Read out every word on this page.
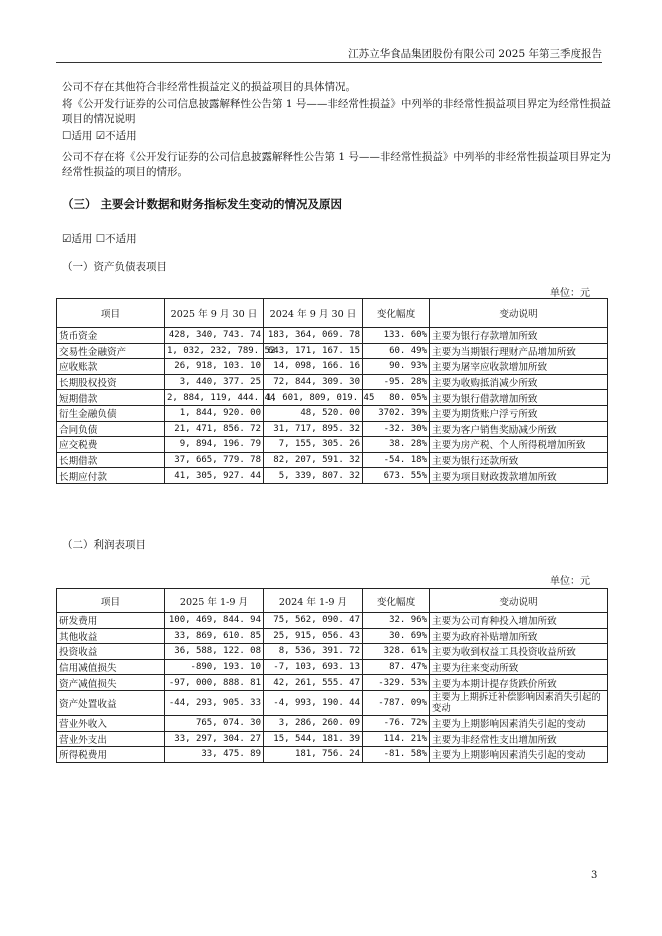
江苏立华食品集团股份有限公司 2025 年第三季度报告
公司不存在其他符合非经常性损益定义的损益项目的具体情况。
将《公开发行证券的公司信息披露解释性公告第 1 号——非经常性损益》中列举的非经常性损益项目界定为经常性损益
项目的情况说明
☐适用 ☑不适用
公司不存在将《公开发行证券的公司信息披露解释性公告第 1 号——非经常性损益》中列举的非经常性损益项目界定为
经常性损益的项目的情形。
（三） 主要会计数据和财务指标发生变动的情况及原因
☑适用 ☐不适用
（一）资产负债表项目
单位：元
项目	2025 年 9 月 30 日	2024 年 9 月 30 日	变化幅度	变动说明
货币资金	428, 340, 743. 74	183, 364, 069. 78	133. 60%	主要为银行存款增加所致
交易性金融资产	1, 032, 232, 789. 52	643, 171, 167. 15	60. 49%	主要为当期银行理财产品增加所致
应收账款	26, 918, 103. 10	14, 098, 166. 16	90. 93%	主要为屠宰应收款增加所致
长期股权投资	3, 440, 377. 25	72, 844, 309. 30	-95. 28%	主要为收购抵消减少所致
短期借款	2, 884, 119, 444. 44	1, 601, 809, 019. 45	80. 05%	主要为银行借款增加所致
衍生金融负债	1, 844, 920. 00	48, 520. 00	3702. 39%	主要为期货账户浮亏所致
合同负债	21, 471, 856. 72	31, 717, 895. 32	-32. 30%	主要为客户销售奖励减少所致
应交税费	9, 894, 196. 79	7, 155, 305. 26	38. 28%	主要为房产税、个人所得税增加所致
长期借款	37, 665, 779. 78	82, 207, 591. 32	-54. 18%	主要为银行还款所致
长期应付款	41, 305, 927. 44	5, 339, 807. 32	673. 55%	主要为项目财政拨款增加所致
（二）利润表项目
单位：元
项目	2025 年 1-9 月	2024 年 1-9 月	变化幅度	变动说明
研发费用	100, 469, 844. 94	75, 562, 090. 47	32. 96%	主要为公司育种投入增加所致
其他收益	33, 869, 610. 85	25, 915, 056. 43	30. 69%	主要为政府补贴增加所致
投资收益	36, 588, 122. 08	8, 536, 391. 72	328. 61%	主要为收到权益工具投资收益所致
信用减值损失	-890, 193. 10	-7, 103, 693. 13	87. 47%	主要为往来变动所致
资产减值损失	-97, 000, 888. 81	42, 261, 555. 47	-329. 53%	主要为本期计提存货跌价所致
资产处置收益	-44, 293, 905. 33	-4, 993, 190. 44	-787. 09%	主要为上期拆迁补偿影响因素消失引起的变动
营业外收入	765, 074. 30	3, 286, 260. 09	-76. 72%	主要为上期影响因素消失引起的变动
营业外支出	33, 297, 304. 27	15, 544, 181. 39	114. 21%	主要为非经常性支出增加所致
所得税费用	33, 475. 89	181, 756. 24	-81. 58%	主要为上期影响因素消失引起的变动
3
